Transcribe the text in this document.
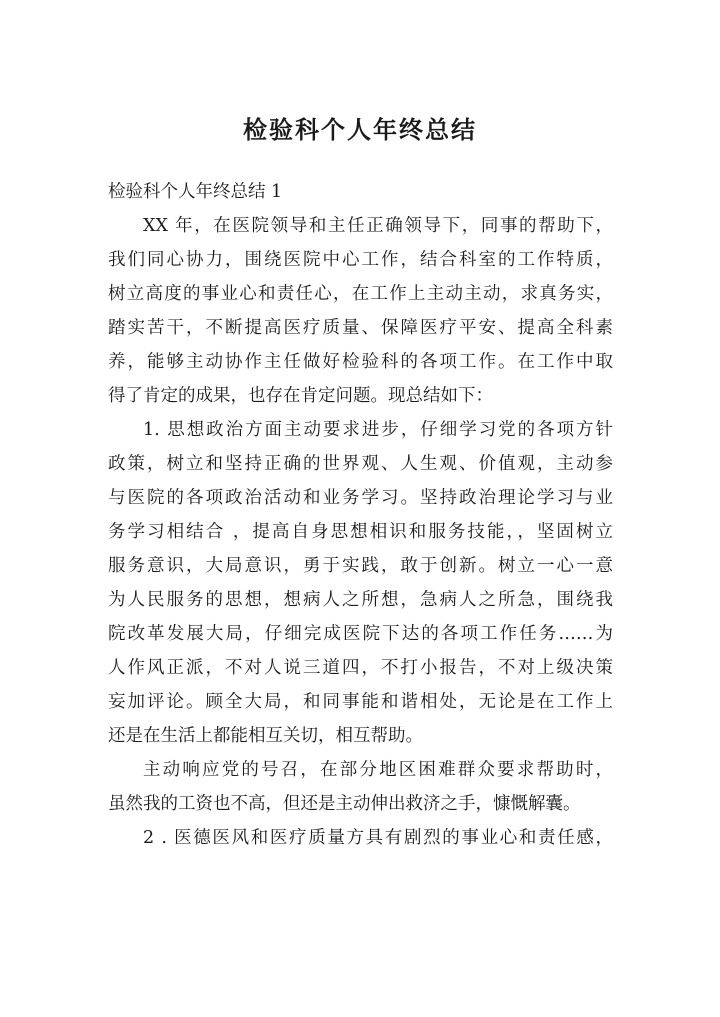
检验科个人年终总结
检验科个人年终总结 1
XX 年，在医院领导和主任正确领导下，同事的帮助下，
我们同心协力，围绕医院中心工作，结合科室的工作特质，
树立高度的事业心和责任心，在工作上主动主动，求真务实，
踏实苦干，不断提高医疗质量、保障医疗平安、提高全科素
养，能够主动协作主任做好检验科的各项工作。在工作中取
得了肯定的成果，也存在肯定问题。现总结如下：
1. 思想政治方面主动要求进步，仔细学习党的各项方针
政策，树立和坚持正确的世界观、人生观、价值观，主动参
与医院的各项政治活动和业务学习。坚持政治理论学习与业
务学习相结合 ，提高自身思想相识和服务技能，，坚固树立
服务意识，大局意识，勇于实践，敢于创新。树立一心一意
为人民服务的思想，想病人之所想，急病人之所急，围绕我
院改革发展大局，仔细完成医院下达的各项工作任务……为
人作风正派，不对人说三道四，不打小报告，不对上级决策
妄加评论。顾全大局，和同事能和谐相处，无论是在工作上
还是在生活上都能相互关切，相互帮助。
主动响应党的号召，在部分地区困难群众要求帮助时，
虽然我的工资也不高，但还是主动伸出救济之手，慷慨解囊。
2 . 医德医风和医疗质量方具有剧烈的事业心和责任感，
